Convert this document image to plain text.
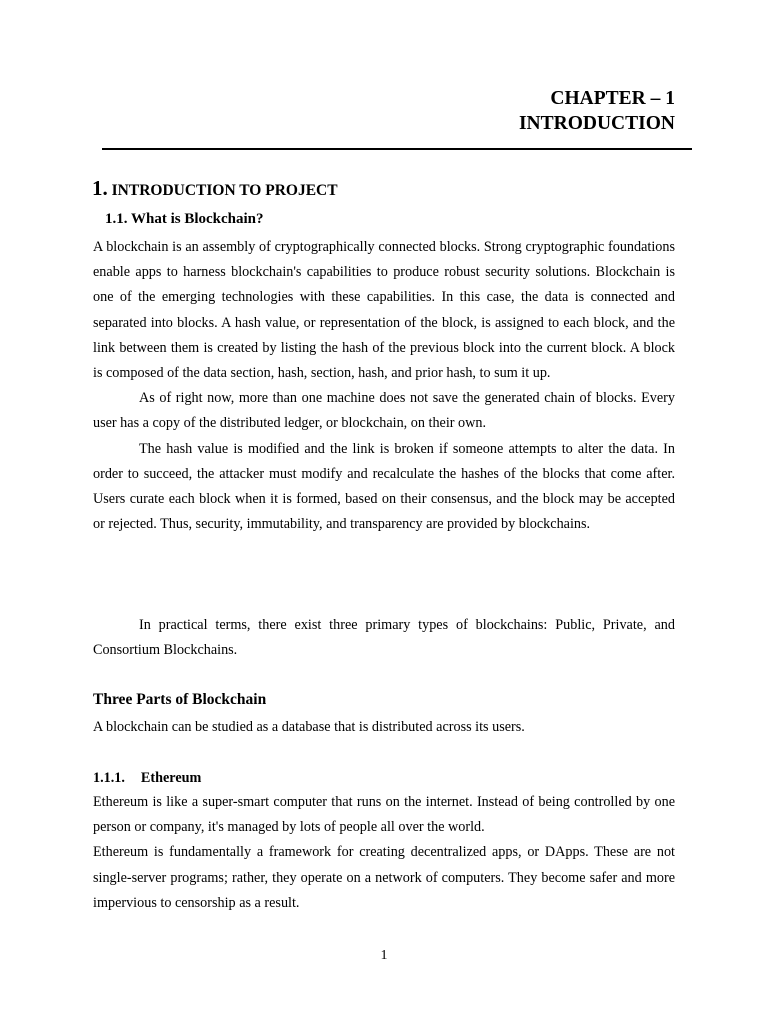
CHAPTER – 1
INTRODUCTION
1. INTRODUCTION TO PROJECT
1.1. What is Blockchain?

A blockchain is an assembly of cryptographically connected blocks. Strong cryptographic foundations enable apps to harness blockchain's capabilities to produce robust security solutions. Blockchain is one of the emerging technologies with these capabilities. In this case, the data is connected and separated into blocks. A hash value, or representation of the block, is assigned to each block, and the link between them is created by listing the hash of the previous block into the current block. A block is composed of the data section, hash, section, hash, and prior hash, to sum it up.

As of right now, more than one machine does not save the generated chain of blocks. Every user has a copy of the distributed ledger, or blockchain, on their own.

The hash value is modified and the link is broken if someone attempts to alter the data. In order to succeed, the attacker must modify and recalculate the hashes of the blocks that come after. Users curate each block when it is formed, based on their consensus, and the block may be accepted or rejected. Thus, security, immutability, and transparency are provided by blockchains.

In practical terms, there exist three primary types of blockchains: Public, Private, and Consortium Blockchains.

Three Parts of Blockchain

A blockchain can be studied as a database that is distributed across its users.

1.1.1. Ethereum

Ethereum is like a super-smart computer that runs on the internet. Instead of being controlled by one person or company, it's managed by lots of people all over the world.

Ethereum is fundamentally a framework for creating decentralized apps, or DApps. These are not single-server programs; rather, they operate on a network of computers. They become safer and more impervious to censorship as a result.

1
